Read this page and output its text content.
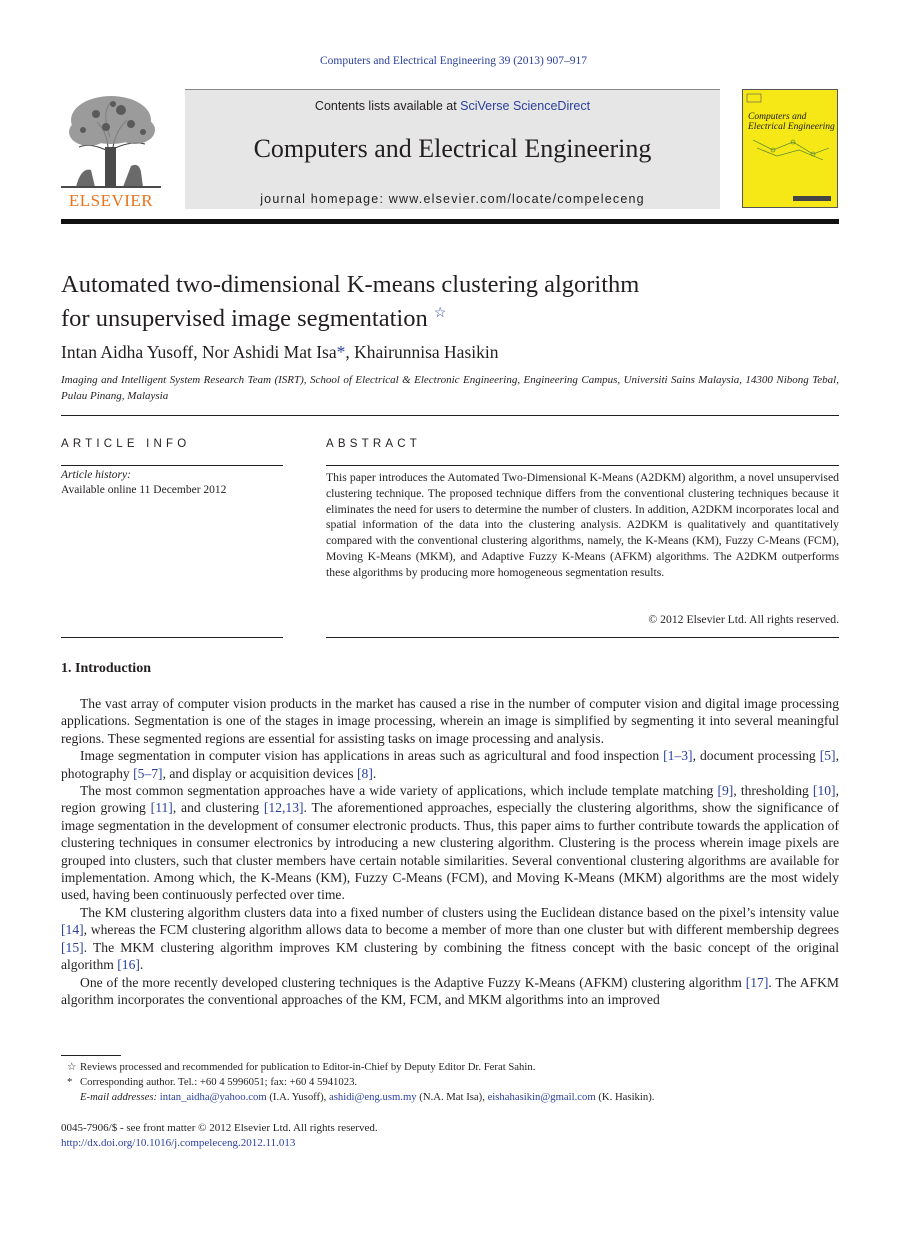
Computers and Electrical Engineering 39 (2013) 907–917
ELSEVIER
Contents lists available at SciVerse ScienceDirect
Computers and Electrical Engineering
journal homepage: www.elsevier.com/locate/compeleceng
Computers and Electrical Engineering
Automated two-dimensional K-means clustering algorithm
for unsupervised image segmentation ☆
Intan Aidha Yusoff, Nor Ashidi Mat Isa*, Khairunnisa Hasikin
Imaging and Intelligent System Research Team (ISRT), School of Electrical & Electronic Engineering, Engineering Campus, Universiti Sains Malaysia, 14300 Nibong Tebal, Pulau Pinang, Malaysia
ARTICLE INFO	ABSTRACT
Article history:
Available online 11 December 2012
This paper introduces the Automated Two-Dimensional K-Means (A2DKM) algorithm, a novel unsupervised clustering technique. The proposed technique differs from the conventional clustering techniques because it eliminates the need for users to determine the number of clusters. In addition, A2DKM incorporates local and spatial information of the data into the clustering analysis. A2DKM is qualitatively and quantitatively compared with the conventional clustering algorithms, namely, the K-Means (KM), Fuzzy C-Means (FCM), Moving K-Means (MKM), and Adaptive Fuzzy K-Means (AFKM) algorithms. The A2DKM outperforms these algorithms by producing more homogeneous segmentation results.
© 2012 Elsevier Ltd. All rights reserved.
1. Introduction

The vast array of computer vision products in the market has caused a rise in the number of computer vision and digital image processing applications. Segmentation is one of the stages in image processing, wherein an image is simplified by segmenting it into several meaningful regions. These segmented regions are essential for assisting tasks on image processing and analysis.

Image segmentation in computer vision has applications in areas such as agricultural and food inspection [1–3], document processing [5], photography [5–7], and display or acquisition devices [8].

The most common segmentation approaches have a wide variety of applications, which include template matching [9], thresholding [10], region growing [11], and clustering [12,13]. The aforementioned approaches, especially the clustering algorithms, show the significance of image segmentation in the development of consumer electronic products. Thus, this paper aims to further contribute towards the application of clustering techniques in consumer electronics by introducing a new clustering algorithm. Clustering is the process wherein image pixels are grouped into clusters, such that cluster members have certain notable similarities. Several conventional clustering algorithms are available for implementation. Among which, the K-Means (KM), Fuzzy C-Means (FCM), and Moving K-Means (MKM) algorithms are the most widely used, having been continuously perfected over time.

The KM clustering algorithm clusters data into a fixed number of clusters using the Euclidean distance based on the pixel’s intensity value [14], whereas the FCM clustering algorithm allows data to become a member of more than one cluster but with different membership degrees [15]. The MKM clustering algorithm improves KM clustering by combining the fitness concept with the basic concept of the original algorithm [16].

One of the more recently developed clustering techniques is the Adaptive Fuzzy K-Means (AFKM) clustering algorithm [17]. The AFKM algorithm incorporates the conventional approaches of the KM, FCM, and MKM algorithms into an improved

☆ Reviews processed and recommended for publication to Editor-in-Chief by Deputy Editor Dr. Ferat Sahin.
* Corresponding author. Tel.: +60 4 5996051; fax: +60 4 5941023.
E-mail addresses: intan_aidha@yahoo.com (I.A. Yusoff), ashidi@eng.usm.my (N.A. Mat Isa), eishahasikin@gmail.com (K. Hasikin).
0045-7906/$ - see front matter © 2012 Elsevier Ltd. All rights reserved.
http://dx.doi.org/10.1016/j.compeleceng.2012.11.013
